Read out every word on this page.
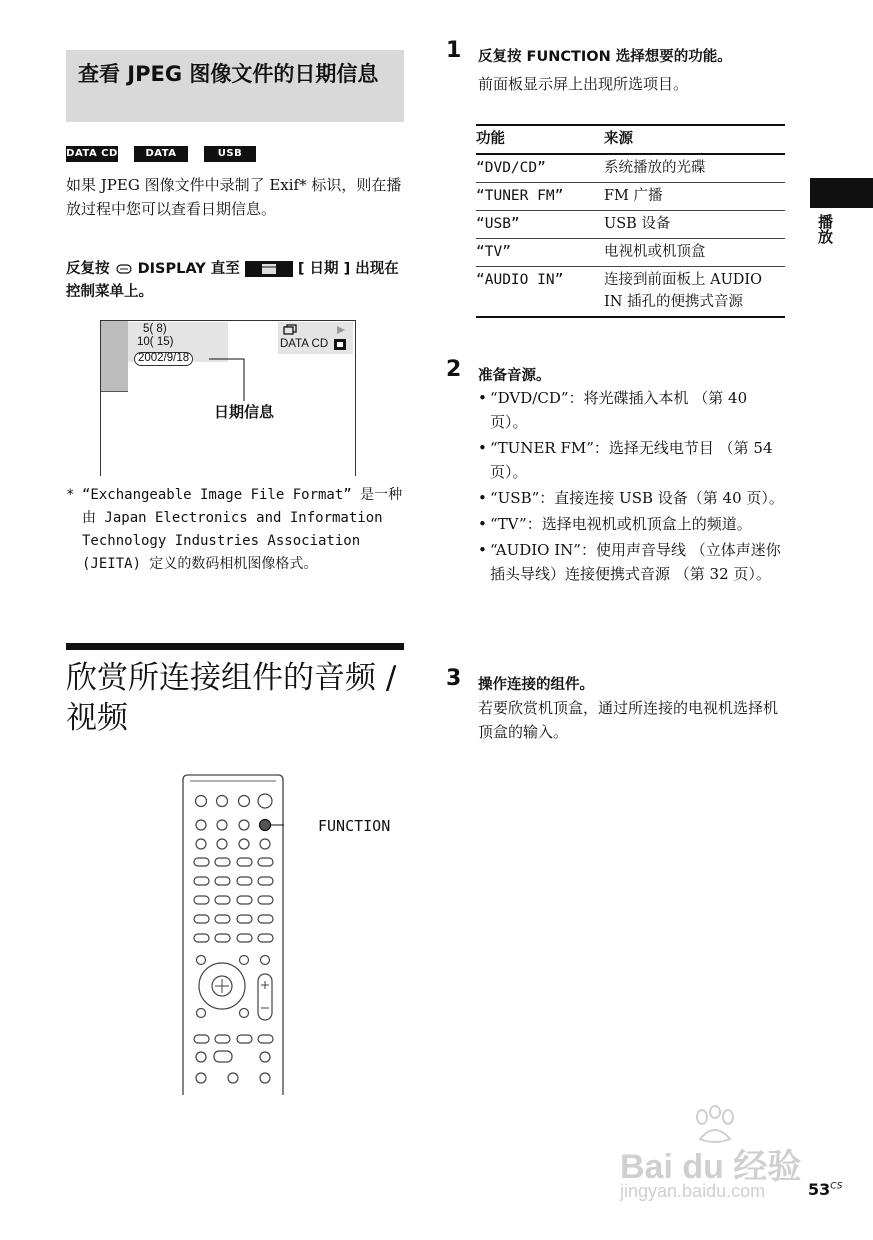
查看 JPEG 图像文件的日期信息
DATA CD	DATA DVD
USB
如果 JPEG 图像文件中录制了 Exif* 标识，则在播放过程中您可以查看日期信息。
反复按 DISPLAY 直至	[ 日期 ] 出现在控制菜单上。
5( 8)
10( 15)
2002/9/18
DATA CD
日期信息
* “Exchangeable Image File Format” 是一种由 Japan Electronics and Information Technology Industries Association (JEITA) 定义的数码相机图像格式。
欣赏所连接组件的音频 / 视频
FUNCTION
1 反复按 FUNCTION 选择想要的功能。
前面板显示屏上出现所选项目。
功能	来源
“DVD/CD”	系统播放的光碟
“TUNER FM”	FM 广播
“USB”	USB 设备
“TV”	电视机或机顶盒
“AUDIO IN”	连接到前面板上 AUDIO IN 插孔的便携式音源
2 准备音源。
• “DVD/CD”：将光碟插入本机 （第 40 页）。
• “TUNER FM”：选择无线电节目 （第 54 页）。
• “USB”：直接连接 USB 设备（第 40 页）。
• “TV”：选择电视机或机顶盒上的频道。
• “AUDIO IN”：使用声音导线 （立体声迷你插头导线）连接便携式音源 （第 32 页）。
3 操作连接的组件。
若要欣赏机顶盒，通过所连接的电视机选择机顶盒的输入。
播放
Bai du 经验
jingyan.baidu.com	$53^{CS}$
